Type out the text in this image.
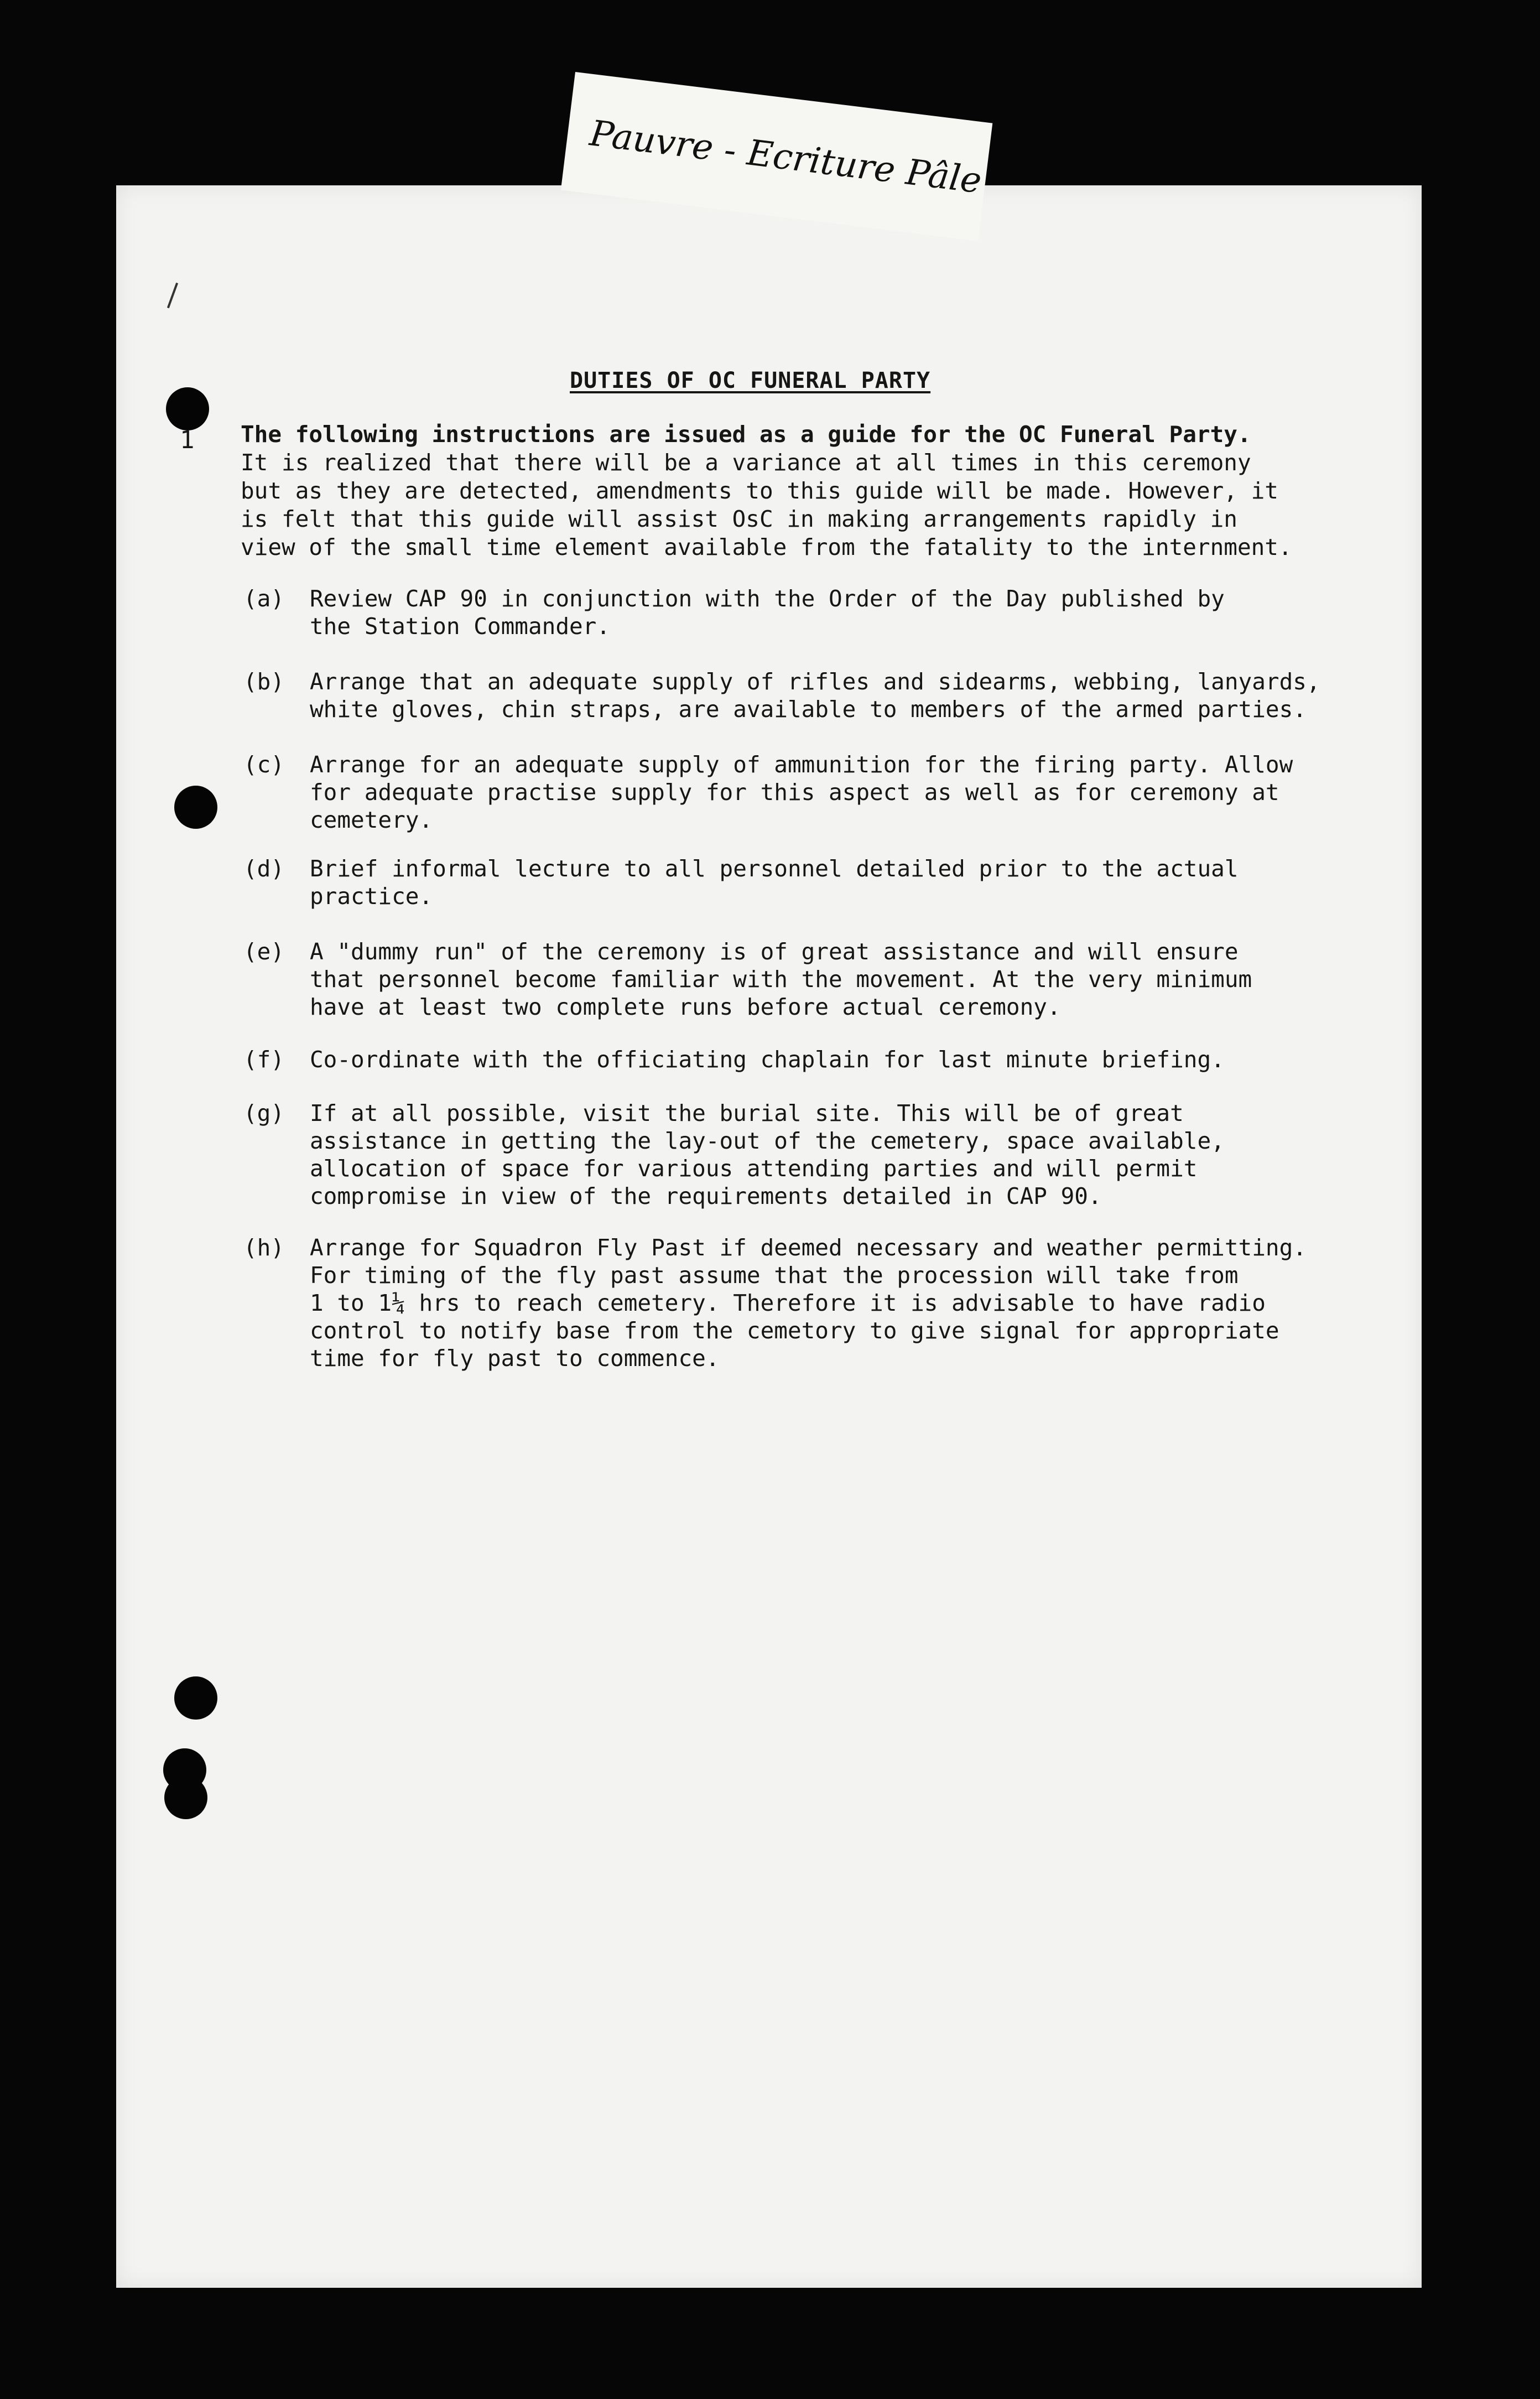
Pauvre - Ecriture Pâle
DUTIES OF OC FUNERAL PARTY
1 The following instructions are issued as a guide for the OC Funeral Party.
It is realized that there will be a variance at all times in this ceremony
but as they are detected, amendments to this guide will be made. However, it
is felt that this guide will assist OsC in making arrangements rapidly in
view of the small time element available from the fatality to the internment.
(a) Review CAP 90 in conjunction with the Order of the Day published by
the Station Commander.
(b) Arrange that an adequate supply of rifles and sidearms, webbing, lanyards,
white gloves, chin straps, are available to members of the armed parties.
(c) Arrange for an adequate supply of ammunition for the firing party. Allow
for adequate practise supply for this aspect as well as for ceremony at
cemetery.
(d) Brief informal lecture to all personnel detailed prior to the actual
practice.
(e) A "dummy run" of the ceremony is of great assistance and will ensure
that personnel become familiar with the movement. At the very minimum
have at least two complete runs before actual ceremony.
(f) Co-ordinate with the officiating chaplain for last minute briefing.
(g) If at all possible, visit the burial site. This will be of great
assistance in getting the lay-out of the cemetery, space available,
allocation of space for various attending parties and will permit
compromise in view of the requirements detailed in CAP 90.
(h) Arrange for Squadron Fly Past if deemed necessary and weather permitting.
For timing of the fly past assume that the procession will take from
1 to 1¼ hrs to reach cemetery. Therefore it is advisable to have radio
control to notify base from the cemetory to give signal for appropriate
time for fly past to commence.
